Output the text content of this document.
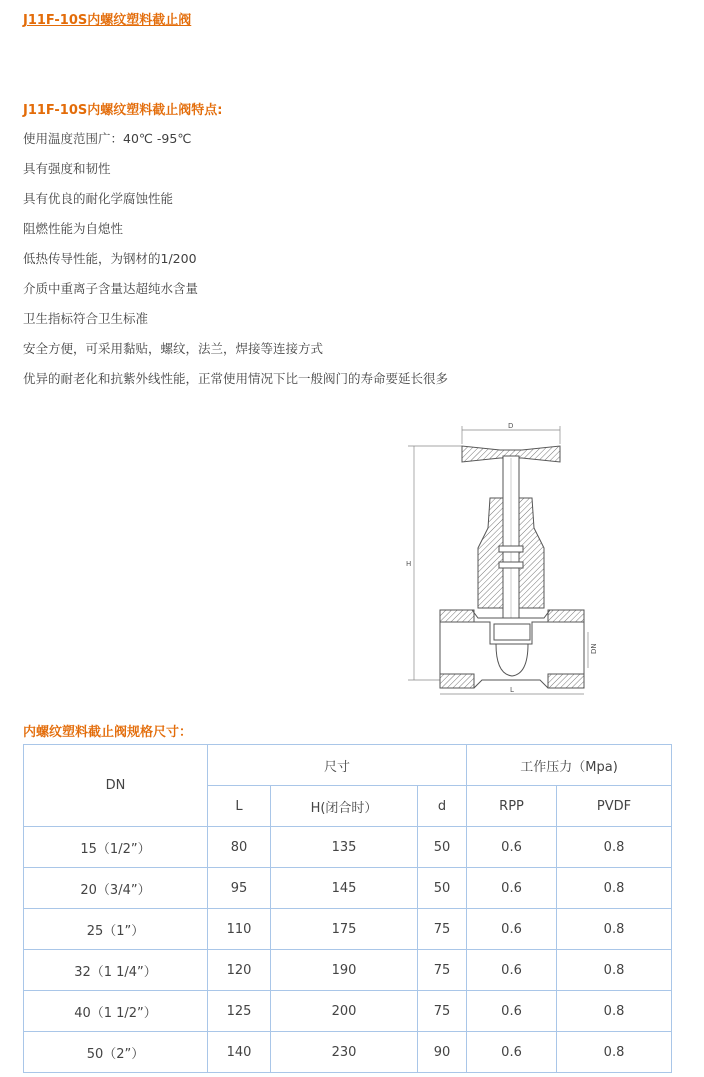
J11F-10S内螺纹塑料截止阀
J11F-10S内螺纹塑料截止阀特点:
使用温度范围广：40℃ -95℃
具有强度和韧性
具有优良的耐化学腐蚀性能
阻燃性能为自熄性
低热传导性能，为钢材的1/200
介质中重离子含量达超纯水含量
卫生指标符合卫生标准
安全方便，可采用黏贴，螺纹，法兰，焊接等连接方式
优异的耐老化和抗紫外线性能，正常使用情况下比一般阀门的寿命要延长很多
D
H
L
DN
内螺纹塑料截止阀规格尺寸：
DN	尺寸			工作压力（Mpa)	
	L	H(闭合时）	d	RPP	PVDF
15（1/2”）	80	135	50	0.6	0.8
20（3/4”）	95	145	50	0.6	0.8
25（1”）	110	175	75	0.6	0.8
32（1 1/4”）	120	190	75	0.6	0.8
40（1 1/2”）	125	200	75	0.6	0.8
50（2”）	140	230	90	0.6	0.8
